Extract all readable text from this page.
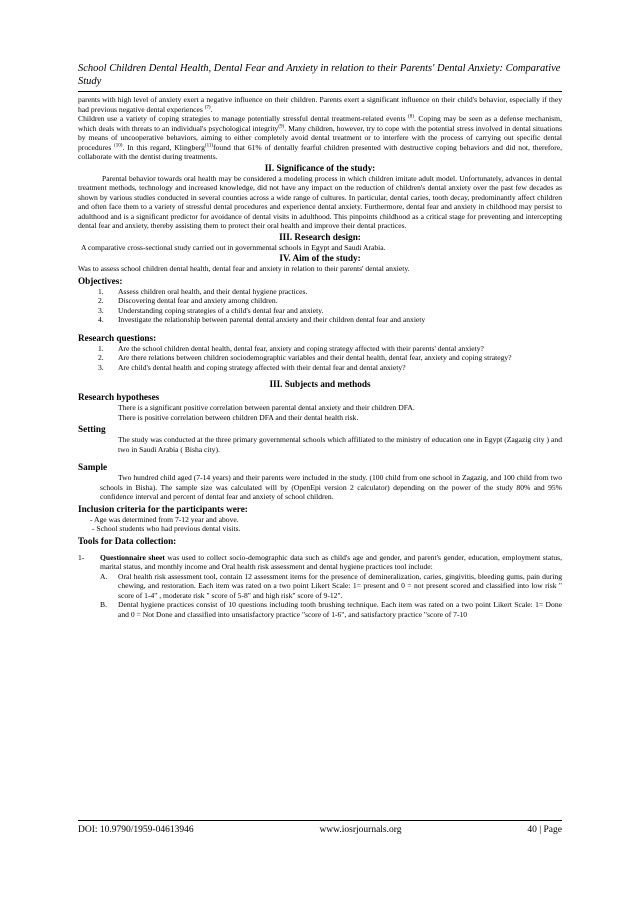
School Children Dental Health, Dental Fear and Anxiety in relation to their Parents' Dental Anxiety: Comparative Study

parents with high level of anxiety exert a negative influence on their children. Parents exert a significant influence on their child's behavior, especially if they had previous negative dental experiences $^{(7)}$.

Children use a variety of coping strategies to manage potentially stressful dental treatment-related events $^{(8)}$. Coping may be seen as a defense mechanism, which deals with threats to an individual's psychological integrity$^{(9)}$. Many children, however, try to cope with the potential stress involved in dental situations by means of uncooperative behaviors, aiming to either completely avoid dental treatment or to interfere with the process of carrying out specific dental procedures $^{(10)}$. In this regard, Klingberg$^{(11)}$found that 61% of dentally fearful children presented with destructive coping behaviors and did not, therefore, collaborate with the dentist during treatments.

II. Significance of the study:

Parental behavior towards oral health may be considered a modeling process in which children imitate adult model. Unfortunately, advances in dental treatment methods, technology and increased knowledge, did not have any impact on the reduction of children's dental anxiety over the past few decades as shown by various studies conducted in several counties across a wide range of cultures. In particular, dental caries, tooth decay, predominantly affect children and often face them to a variety of stressful dental procedures and experience dental anxiety. Furthermore, dental fear and anxiety in childhood may persist to adulthood and is a significant predictor for avoidance of dental visits in adulthood. This pinpoints childhood as a critical stage for preventing and intercepting dental fear and anxiety, thereby assisting them to protect their oral health and improve their dental practices.

III. Research design:

A comparative cross-sectional study carried out in governmental schools in Egypt and Saudi Arabia.

IV. Aim of the study:

Was to assess school children dental health, dental fear and anxiety in relation to their parents' dental anxiety.

Objectives:
1. Assess children oral health, and their dental hygiene practices.
2. Discovering dental fear and anxiety among children.
3. Understanding coping strategies of a child's dental fear and anxiety.
4. Investigate the relationship between parental dental anxiety and their children dental fear and anxiety
Research questions:
1. Are the school children dental health, dental fear, anxiety and coping strategy affected with their parents' dental anxiety?
2. Are there relations between children sociodemographic variables and their dental health, dental fear, anxiety and coping strategy?
3. Are child's dental health and coping strategy affected with their dental fear and dental anxiety?
III. Subjects and methods
Research hypotheses

There is a significant positive correlation between parental dental anxiety and their children DFA.

There is positive correlation between children DFA and their dental health risk.

Setting

The study was conducted at the three primary governmental schools which affiliated to the ministry of education one in Egypt (Zagazig city ) and two in Saudi Arabia ( Bisha city).

Sample

Two hundred child aged (7-14 years) and their parents were included in the study. (100 child from one school in Zagazig, and 100 child from two schools in Bisha). The sample size was calculated will by (OpenEpi version 2 calculator) depending on the power of the study 80% and 95% confidence interval and percent of dental fear and anxiety of school children.

Inclusion criteria for the participants were:

- Age was determined from 7-12 year and above.

- School students who had previous dental visits.

Tools for Data collection:

1- Questionnaire sheet was used to collect socio-demographic data such as child's age and gender, and parent's gender, education, employment status, marital status, and monthly income and Oral health risk assessment and dental hygiene practices tool include:

A. Oral health risk assessment tool, contain 12 assessment items for the presence of demineralization, caries, gingivitis, bleeding gums, pain during chewing, and restoration. Each item was rated on a two point Likert Scale: 1= present and 0 = not present scored and classified into low risk " score of 1-4" , moderate risk " score of 5-8" and high risk" score of 9-12".

B. Dental hygiene practices consist of 10 questions including tooth brushing technique. Each item was rated on a two point Likert Scale: 1= Done and 0 = Not Done and classified into unsatisfactory practice "score of 1-6", and satisfactory practice "score of 7-10

DOI: 10.9790/1959-04613946	www.iosrjournals.org	40 | Page
